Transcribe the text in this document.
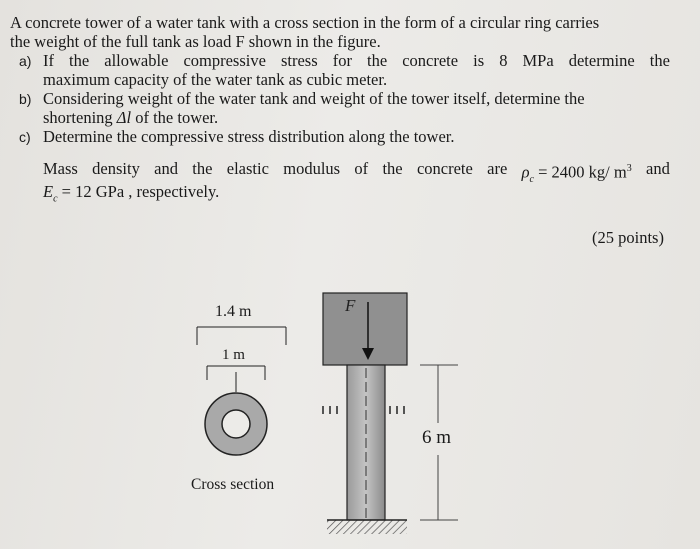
A concrete tower of a water tank with a cross section in the form of a circular ring carries
the weight of the full tank as load F shown in the figure.
a) If the allowable compressive stress for the concrete is 8 MPa determine the
maximum capacity of the water tank as cubic meter.
b) Considering weight of the water tank and weight of the tower itself, determine the
shortening Δl of the tower.
c) Determine the compressive stress distribution along the tower.
Mass density and the elastic modulus of the concrete are $\rho_c = 2400$ kg/ $m^3$ and
$E_c = 12$ GPa , respectively.
(25 points)
1.4 m
1 m
Cross section
F
6 m
